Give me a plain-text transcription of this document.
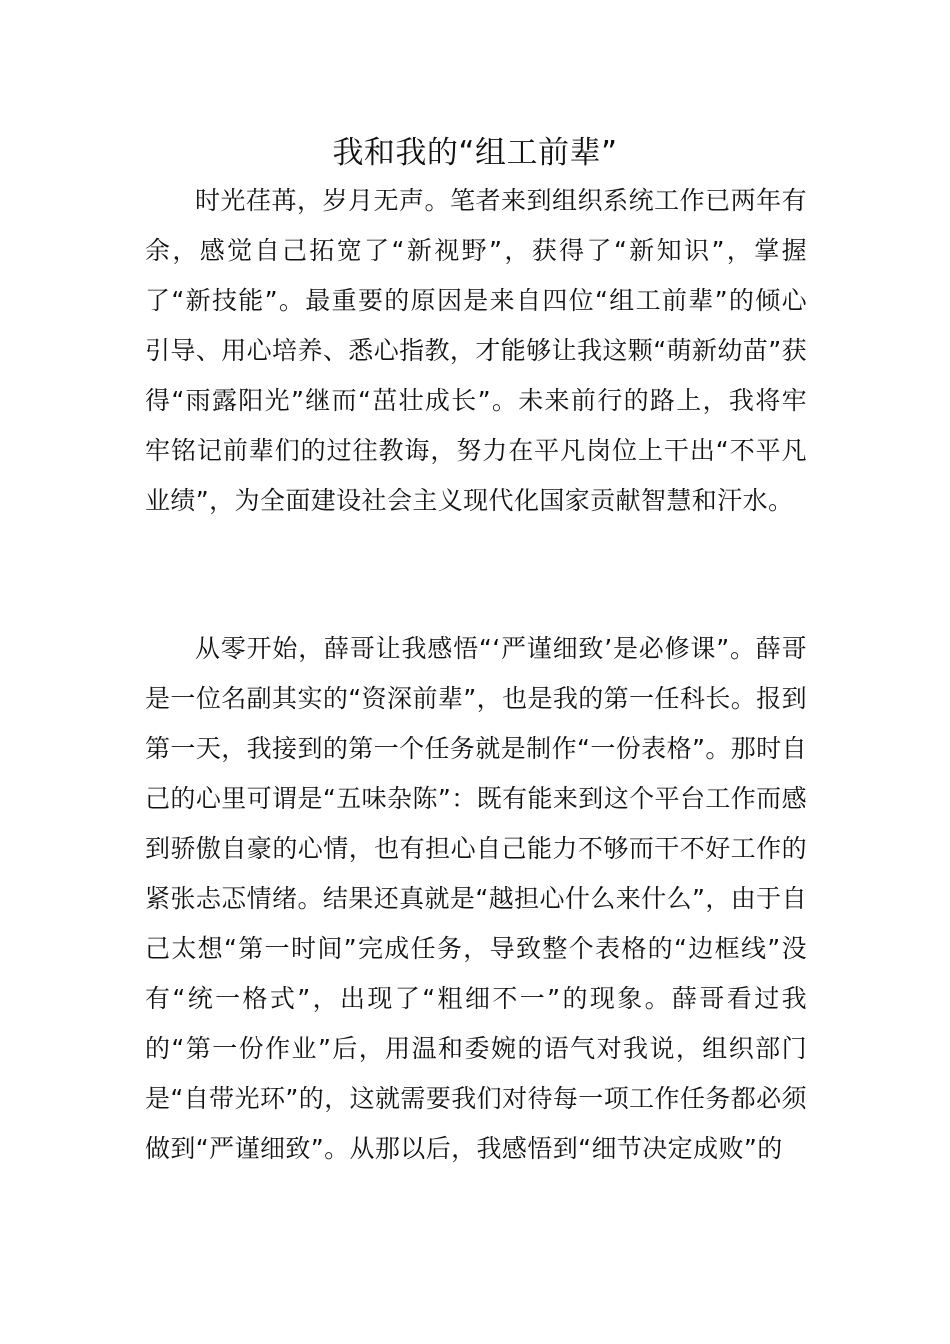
我和我的“组工前辈”

时光荏苒，岁月无声。笔者来到组织系统工作已两年有余，感觉自己拓宽了“新视野”，获得了“新知识”，掌握了“新技能”。最重要的原因是来自四位“组工前辈”的倾心引导、用心培养、悉心指教，才能够让我这颗“萌新幼苗”获得“雨露阳光”继而“茁壮成长”。未来前行的路上，我将牢牢铭记前辈们的过往教诲，努力在平凡岗位上干出“不平凡业绩”，为全面建设社会主义现代化国家贡献智慧和汗水。

从零开始，薛哥让我感悟“‘严谨细致’是必修课”。薛哥是一位名副其实的“资深前辈”，也是我的第一任科长。报到第一天，我接到的第一个任务就是制作“一份表格”。那时自己的心里可谓是“五味杂陈”：既有能来到这个平台工作而感到骄傲自豪的心情，也有担心自己能力不够而干不好工作的紧张忐忑情绪。结果还真就是“越担心什么来什么”，由于自己太想“第一时间”完成任务，导致整个表格的“边框线”没有“统一格式”，出现了“粗细不一”的现象。薛哥看过我的“第一份作业”后，用温和委婉的语气对我说，组织部门是“自带光环”的，这就需要我们对待每一项工作任务都必须做到“严谨细致”。从那以后，我感悟到“细节决定成败”的
